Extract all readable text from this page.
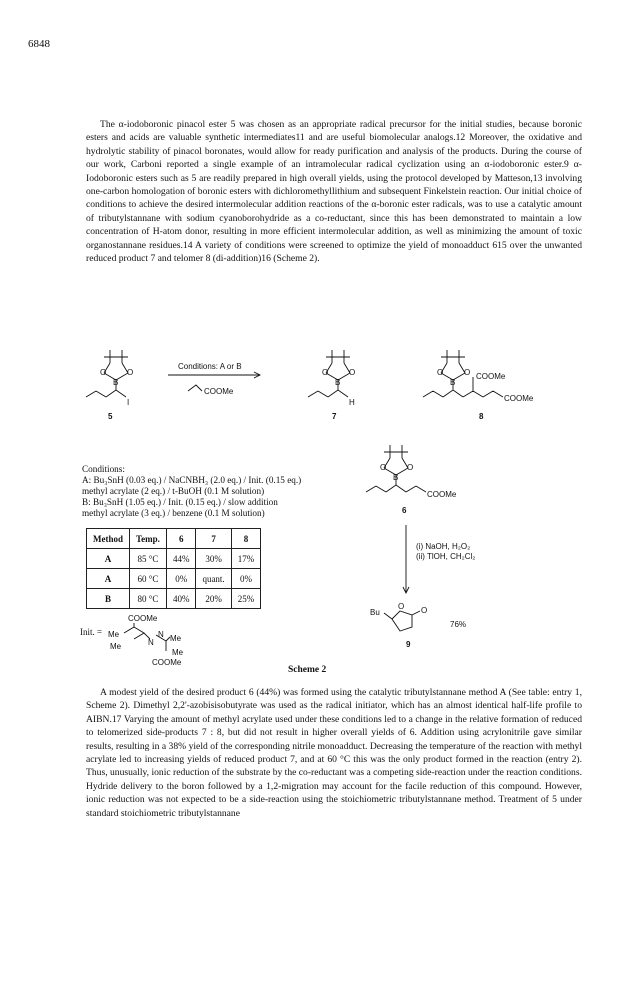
6848

The α-iodoboronic pinacol ester 5 was chosen as an appropriate radical precursor for the initial studies, because boronic esters and acids are valuable synthetic intermediates11 and are useful biomolecular analogs.12 Moreover, the oxidative and hydrolytic stability of pinacol boronates, would allow for ready purification and analysis of the products. During the course of our work, Carboni reported a single example of an intramolecular radical cyclization using an α-iodoboronic ester.9 α-Iodoboronic esters such as 5 are readily prepared in high overall yields, using the protocol developed by Matteson,13 involving one-carbon homologation of boronic esters with dichloromethyllithium and subsequent Finkelstein reaction. Our initial choice of conditions to achieve the desired intermolecular addition reactions of the α-boronic ester radicals, was to use a catalytic amount of tributylstannane with sodium cyanoborohydride as a co-reductant, since this has been demonstrated to maintain a low concentration of H-atom donor, resulting in more efficient intermolecular addition, as well as minimizing the amount of toxic organostannane residues.14 A variety of conditions were screened to optimize the yield of monoadduct 615 over the unwanted reduced product 7 and telomer 8 (di-addition)16 (Scheme 2).

O	O
B
I
5
Conditions: A or B
COOMe
O	O
B
H
7
O	O
B
COOMe
COOMe
8
O	O
B
COOMe
6
(i) NaOH, H₂O₂
(ii) TlOH, CH₂Cl₂
Bu
O O
76%
9
Init. = Me
COOMe
Me	N
N Me
Me
COOMe
Conditions:
A: Bu₃SnH (0.03 eq.) / NaCNBH₃ (2.0 eq.) / Init. (0.15 eq.)
methyl acrylate (2 eq.) / t-BuOH (0.1 M solution)
B: Bu₃SnH (1.05 eq.) / Init. (0.15 eq.) / slow addition
methyl acrylate (3 eq.) / benzene (0.1 M solution)
Method	Temp.	6	7	8
A	85 °C	44%	30%	17%
A	60 °C	0%	quant.	0%
B	80 °C	40%	20%	25%
Scheme 2

A modest yield of the desired product 6 (44%) was formed using the catalytic tributylstannane method A (See table: entry 1, Scheme 2). Dimethyl 2,2'-azobisisobutyrate was used as the radical initiator, which has an almost identical half-life profile to AIBN.17 Varying the amount of methyl acrylate used under these conditions led to a change in the relative formation of reduced to telomerized side-products 7 : 8, but did not result in higher overall yields of 6. Addition using acrylonitrile gave similar results, resulting in a 38% yield of the corresponding nitrile monoadduct. Decreasing the temperature of the reaction with methyl acrylate led to increasing yields of reduced product 7, and at 60 °C this was the only product formed in the reaction (entry 2). Thus, unusually, ionic reduction of the substrate by the co-reductant was a competing side-reaction under the reaction conditions. Hydride delivery to the boron followed by a 1,2-migration may account for the facile reduction of this compound. However, ionic reduction was not expected to be a side-reaction using the stoichiometric tributylstannane method. Treatment of 5 under standard stoichiometric tributylstannane
